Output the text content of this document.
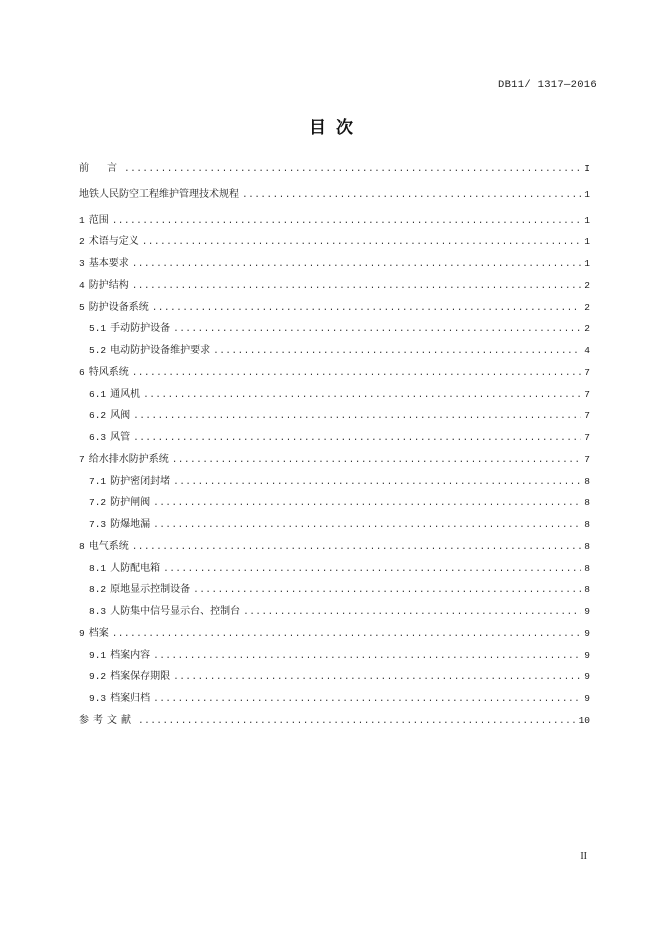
DB11/ 1317—2016
目次
前　言 .....	I
地铁人民防空工程维护管理技术规程 .....	1
1 范围 .....	1
2 术语与定义 .....	1
3 基本要求 .....	1
4 防护结构 .....	2
5 防护设备系统 .....	2
5.1 手动防护设备 .....	2
5.2 电动防护设备维护要求 .....	4
6 特风系统 .....	7
6.1 通风机 .....	7
6.2 风阀 .....	7
6.3 风管 .....	7
7 给水排水防护系统 .....	7
7.1 防护密闭封堵 .....	8
7.2 防护闸阀 .....	8
7.3 防爆地漏 .....	8
8 电气系统 .....	8
8.1 人防配电箱 .....	8
8.2 原地显示控制设备 .....	8
8.3 人防集中信号显示台、控制台 .....	9
9 档案 .....	9
9.1 档案内容 .....	9
9.2 档案保存期限 .....	9
9.3 档案归档 .....	9
参考文献 .....	10
II
